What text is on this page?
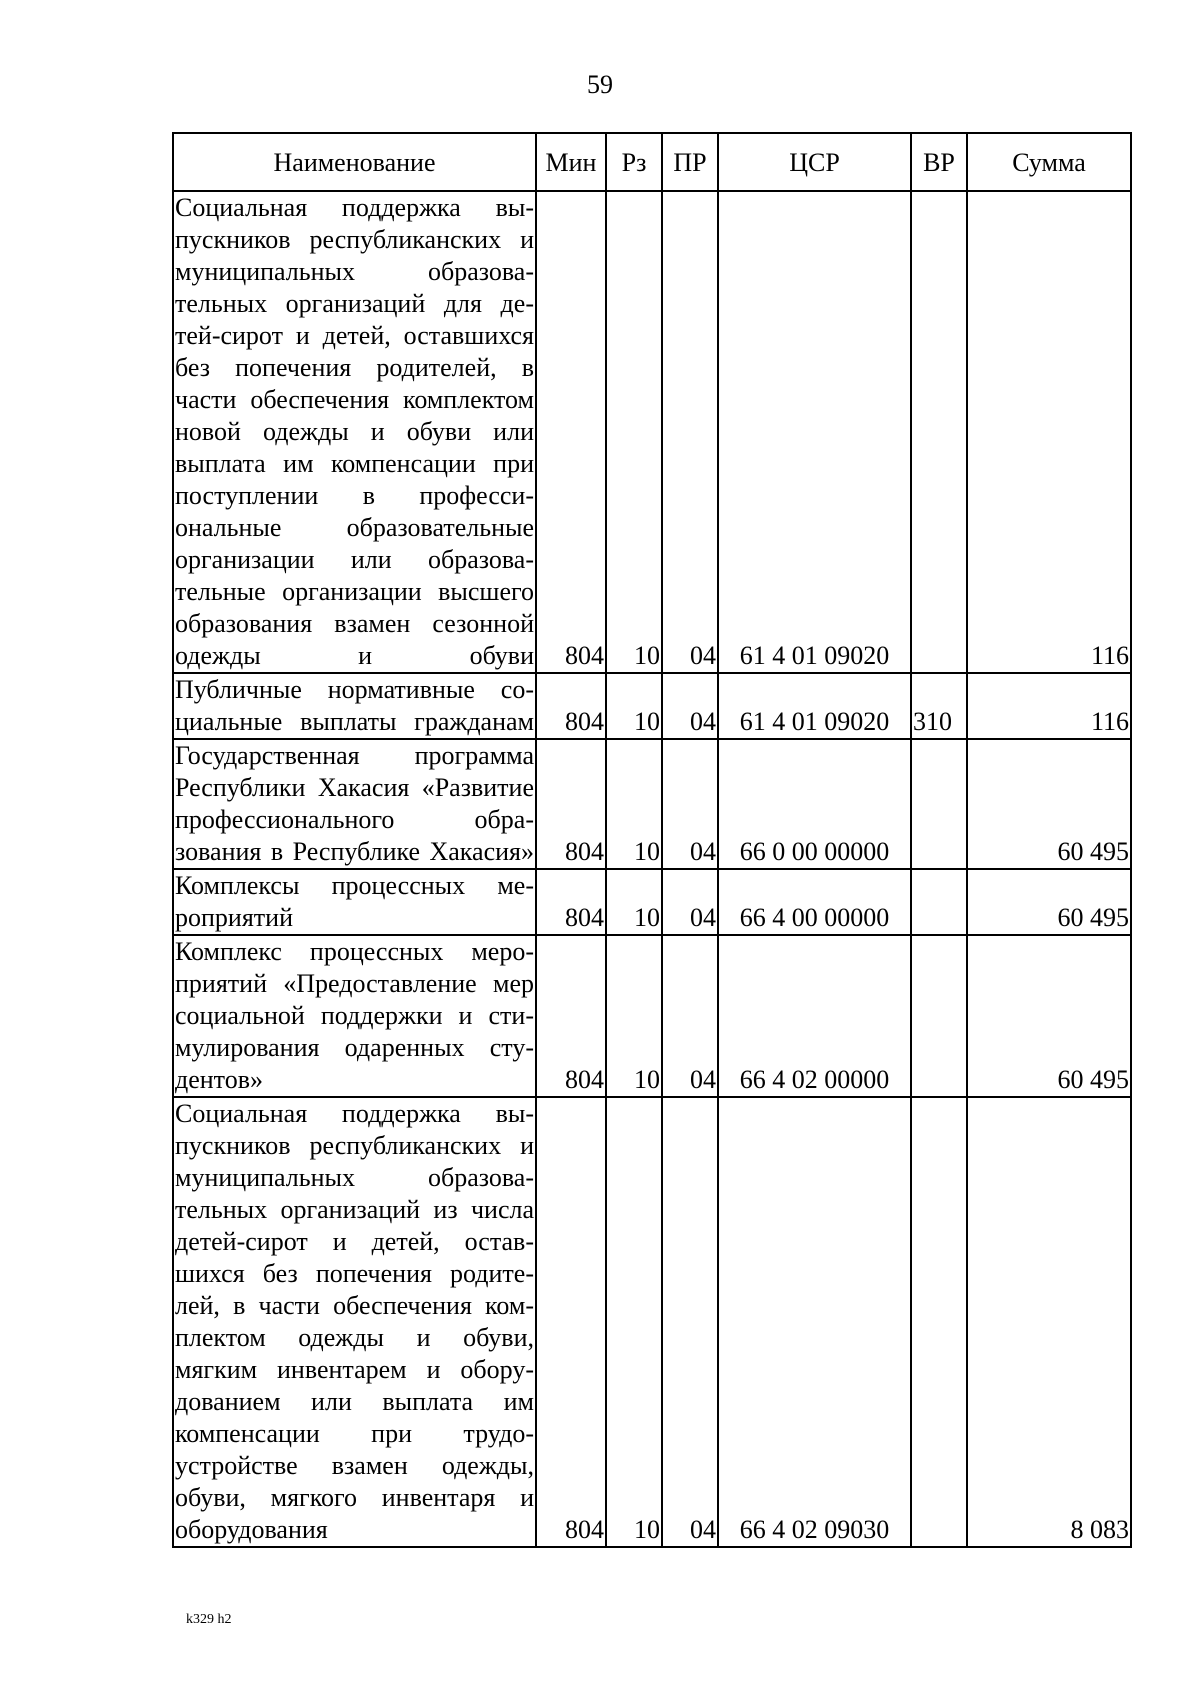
59
Наименование	Мин	Рз	ПР	ЦСР	ВР	Сумма
Социальная поддержка выпускников республиканских и муниципальных образовательных организаций для детей-сирот и детей, оставшихся без попечения родителей, в части обеспечения комплектом новой одежды и обуви или выплата им компенсации при поступлении в профессиональные образовательные организации или образовательные организации высшего образования взамен сезонной одежды и обуви	804	10	04	61 4 01 09020		116
Публичные нормативные социальные выплаты гражданам	804	10	04	61 4 01 09020	310	116
Государственная программа Республики Хакасия «Развитие профессионального образования в Республике Хакасия»	804	10	04	66 0 00 00000		60 495
Комплексы процессных мероприятий	804	10	04	66 4 00 00000		60 495
Комплекс процессных мероприятий «Предоставление мер социальной поддержки и стимулирования одаренных студентов»	804	10	04	66 4 02 00000		60 495
Социальная поддержка выпускников республиканских и муниципальных образовательных организаций из числа детей-сирот и детей, оставшихся без попечения родителей, в части обеспечения комплектом одежды и обуви, мягким инвентарем и оборудованием или выплата им компенсации при трудоустройстве взамен одежды, обуви, мягкого инвентаря и оборудования	804	10	04	66 4 02 09030		8 083
k329 h2
